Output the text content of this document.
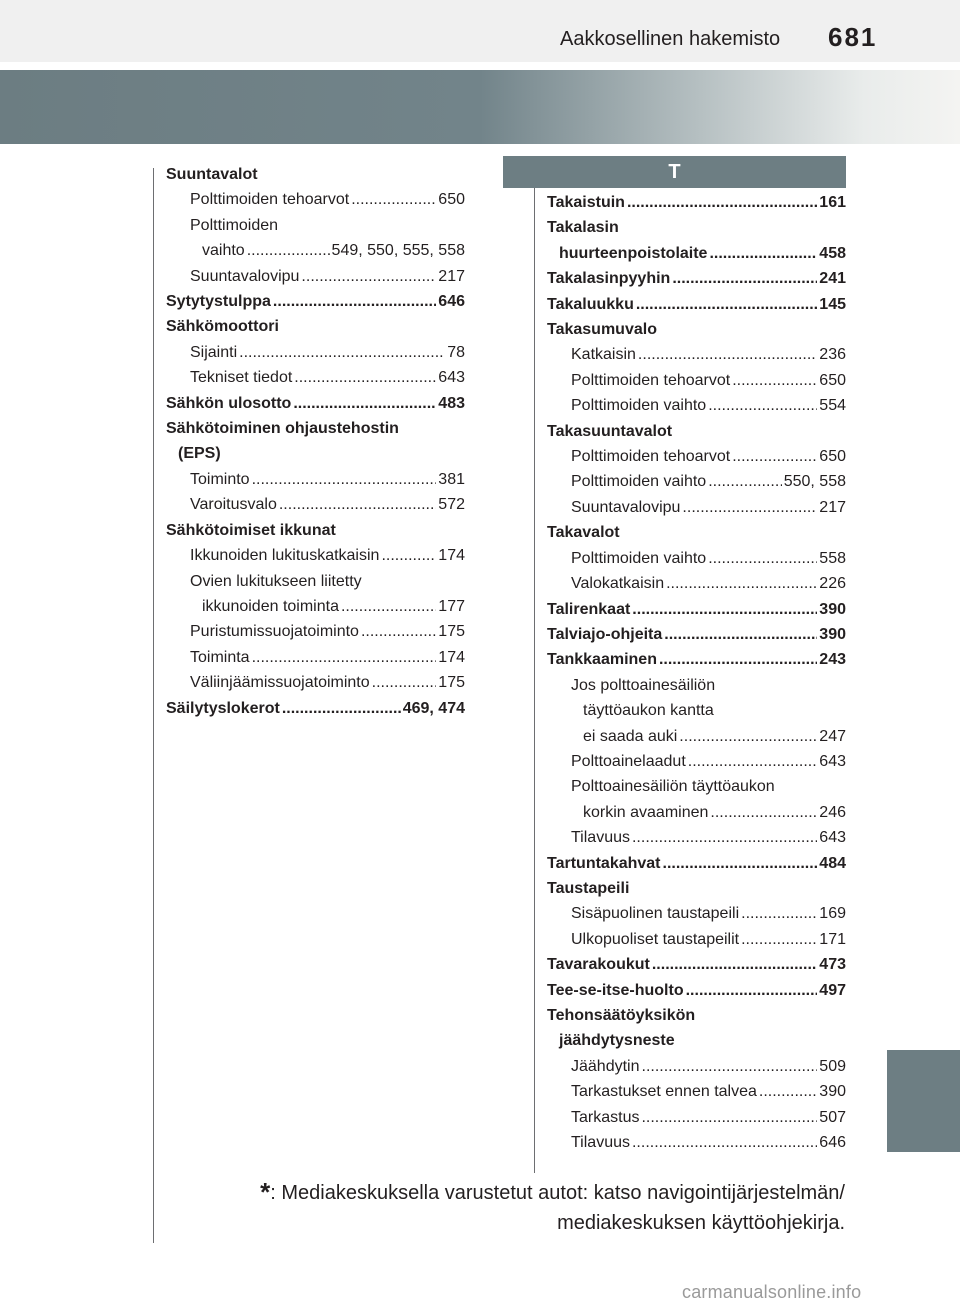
Aakkosellinen hakemisto 681
Suuntavalot
Polttimoiden tehoarvot .....	650
Polttimoiden
vaihto .....	549, 550, 555, 558
Suuntavalovipu .....	217
Sytytystulppa .....	646
Sähkömoottori
Sijainti .....	78
Tekniset tiedot .....	643
Sähkön ulosotto .....	483
Sähkötoiminen ohjaustehostin
(EPS)
Toiminto .....	381
Varoitusvalo .....	572
Sähkötoimiset ikkunat
Ikkunoiden lukituskatkaisin .....	174
Ovien lukitukseen liitetty
ikkunoiden toiminta .....	177
Puristumissuojatoiminto .....	175
Toiminta .....	174
Väliinjäämissuojatoiminto .....	175
Säilytyslokerot .....	469, 474
T
Takaistuin .....	161
Takalasin
huurteenpoistolaite .....	458
Takalasinpyyhin .....	241
Takaluukku .....	145
Takasumuvalo
Katkaisin .....	236
Polttimoiden tehoarvot .....	650
Polttimoiden vaihto .....	554
Takasuuntavalot
Polttimoiden tehoarvot .....	650
Polttimoiden vaihto .....	550, 558
Suuntavalovipu .....	217
Takavalot
Polttimoiden vaihto .....	558
Valokatkaisin .....	226
Talirenkaat .....	390
Talviajo-ohjeita .....	390
Tankkaaminen .....	243
Jos polttoainesäiliön
täyttöaukon kantta
ei saada auki .....	247
Polttoainelaadut .....	643
Polttoainesäiliön täyttöaukon
korkin avaaminen .....	246
Tilavuus .....	643
Tartuntakahvat .....	484
Taustapeili
Sisäpuolinen taustapeili .....	169
Ulkopuoliset taustapeilit .....	171
Tavarakoukut .....	473
Tee-se-itse-huolto .....	497
Tehonsäätöyksikön
jäähdytysneste
Jäähdytin .....	509
Tarkastukset ennen talvea .....	390
Tarkastus .....	507
Tilavuus .....	646
*: Mediakeskuksella varustetut autot: katso navigointijärjestelmän/
mediakeskuksen käyttöohjekirja.
carmanualsonline.info
